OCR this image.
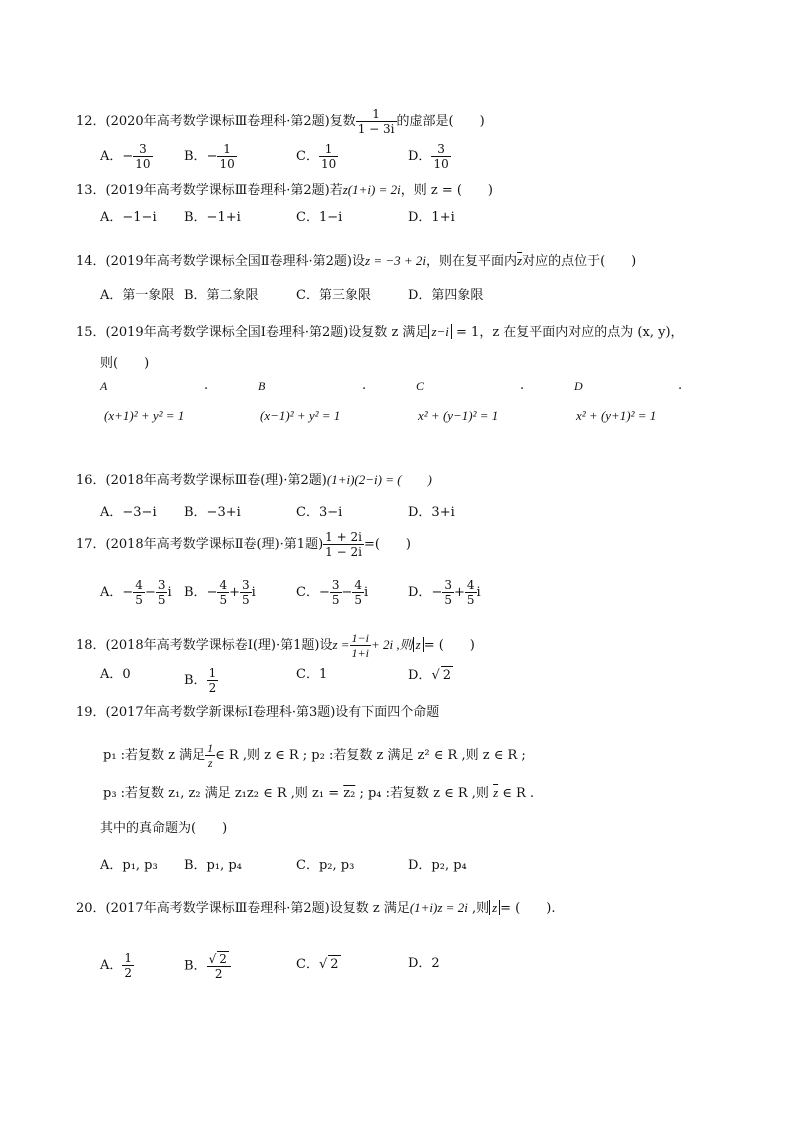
12．(2020年高考数学课标Ⅲ卷理科·第2题)复数 $\frac{1}{1 - 3i}$ 的虚部是(　　)
A．− $\frac{3}{10}$ B．− $\frac{1}{10}$	C． $\frac{1}{10}$	D． $\frac{3}{10}$
13．(2019年高考数学课标Ⅲ卷理科·第2题)若z(1+i) = 2i，则 z = (　　)
A．−1−i B．−1+i	C．1−i	D．1+i
14．(2019年高考数学课标全国Ⅱ卷理科·第2题)设z = −3 + 2i，则在复平面内$\overline{z}$对应的点位于(　　)
A．第一象限 B．第二象限	C．第三象限	D．第四象限
15．(2019年高考数学课标全国Ⅰ卷理科·第2题)设复数 z 满足 z−i = 1，z 在复平面内对应的点为 (x, y)，
则(　　)
A	.	B	.	C	.	D	.
(x+1)² + y² = 1	(x−1)² + y² = 1	x² + (y−1)² = 1	x² + (y+1)² = 1
16．(2018年高考数学课标Ⅲ卷(理)·第2题)(1+i)(2−i) = (　　)
A．−3−i B．−3+i	C．3−i	D．3+i
17．(2018年高考数学课标Ⅱ卷(理)·第1题) $\frac{1 + 2i}{1 - 2i}$ =(　　)
A．− $\frac{4}{5} - \frac{3}{5}$ i B．− $\frac{4}{5} + \frac{3}{5}$ i	C．− $\frac{3}{5} - \frac{4}{5}$ i	D．− $\frac{3}{5} + \frac{4}{5}$ i
18．(2018年高考数学课标卷Ⅰ(理)·第1题)设$z = \frac{1-i}{1+i} + 2i$ ,则 z = (　　)
A．0	B． $\frac{1}{2}$	C．1	D．√ 2
19．(2017年高考数学新课标Ⅰ卷理科·第3题)设有下面四个命题
p₁ :若复数 z 满足 $\frac{1}{z}$ ∈ R ,则 z ∈ R ; p₂ :若复数 z 满足 z² ∈ R ,则 z ∈ R ;
p₃ :若复数 z₁, z₂ 满足 z₁z₂ ∈ R ,则 z₁ = z₂ ; p₄ :若复数 z ∈ R ,则 $\overline{z}$ ∈ R .
其中的真命题为(　　)
A．p₁, p₃ B．p₁, p₄	C．p₂, p₃	D．p₂, p₄
20．(2017年高考数学课标Ⅲ卷理科·第2题)设复数 z 满足(1+i)z = 2i ,则 z = (　　).
A． $\frac{1}{2}$	B． $\frac{√ 2}{2}$	C．√ 2	D．2
